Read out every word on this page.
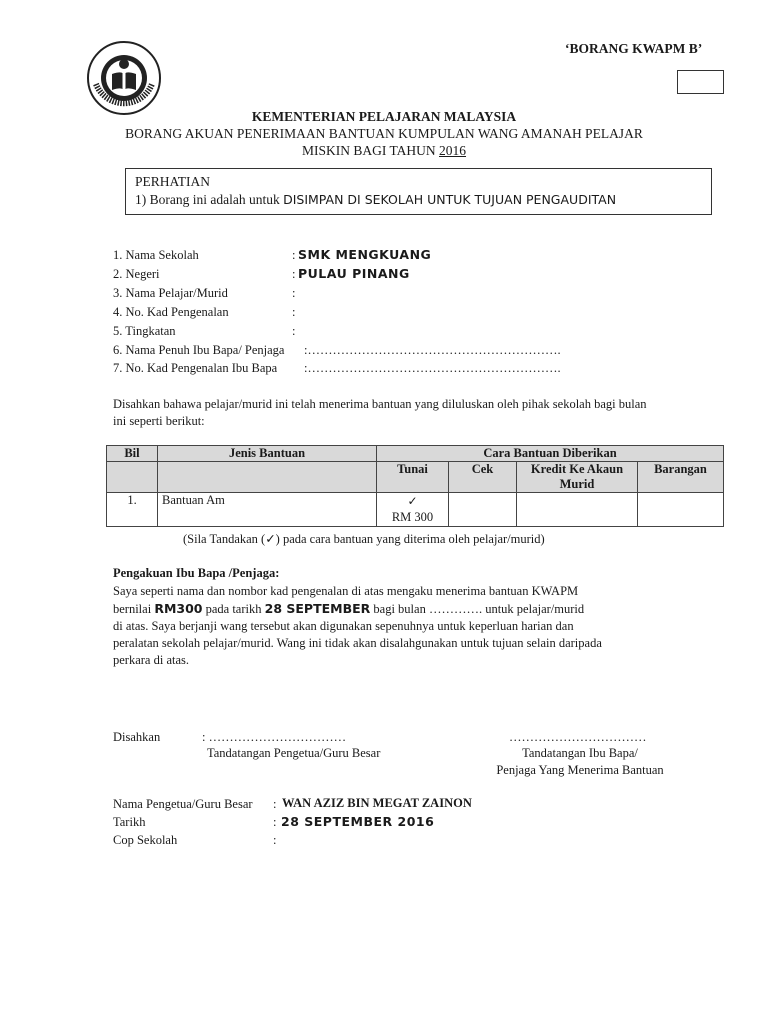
‘BORANG KWAPM B’
KEMENTERIAN PELAJARAN MALAYSIA
BORANG AKUAN PENERIMAAN BANTUAN KUMPULAN WANG AMANAH PELAJAR
MISKIN BAGI TAHUN 2016
PERHATIAN
1) Borang ini adalah untuk DISIMPAN DI SEKOLAH UNTUK TUJUAN PENGAUDITAN
1. Nama Sekolah	: SMK MENGKUANG
2. Negeri	: PULAU PINANG
3. Nama Pelajar/Murid	:
4. No. Kad Pengenalan	:
5. Tingkatan	:
6. Nama Penuh Ibu Bapa/ Penjaga :…………………………………………………….
7. No. Kad Pengenalan Ibu Bapa :…………………………………………………….
Disahkan bahawa pelajar/murid ini telah menerima bantuan yang diluluskan oleh pihak sekolah bagi bulan ini seperti berikut:
Bil	Jenis Bantuan	Cara Bantuan Diberikan			
		Tunai	Cek	Kredit Ke Akaun Murid	Barangan
1.	Bantuan Am	✓
RM 300			

(Sila Tandakan (✓) pada cara bantuan yang diterima oleh pelajar/murid)
Pengakuan Ibu Bapa /Penjaga:
Saya seperti nama dan nombor kad pengenalan di atas mengaku menerima bantuan KWAPM
bernilai RM300 pada tarikh 28 SEPTEMBER bagi bulan …………. untuk pelajar/murid
di atas. Saya berjanji wang tersebut akan digunakan sepenuhnya untuk keperluan harian dan
peralatan sekolah pelajar/murid. Wang ini tidak akan disalahgunakan untuk tujuan selain daripada
perkara di atas.
Disahkan	: ……………………………	……………………………
Tandatangan Pengetua/Guru Besar	Tandatangan Ibu Bapa/
Penjaga Yang Menerima Bantuan
Nama Pengetua/Guru Besar : WAN AZIZ BIN MEGAT ZAINON
Tarikh	: 28 SEPTEMBER 2016
Cop Sekolah	:
